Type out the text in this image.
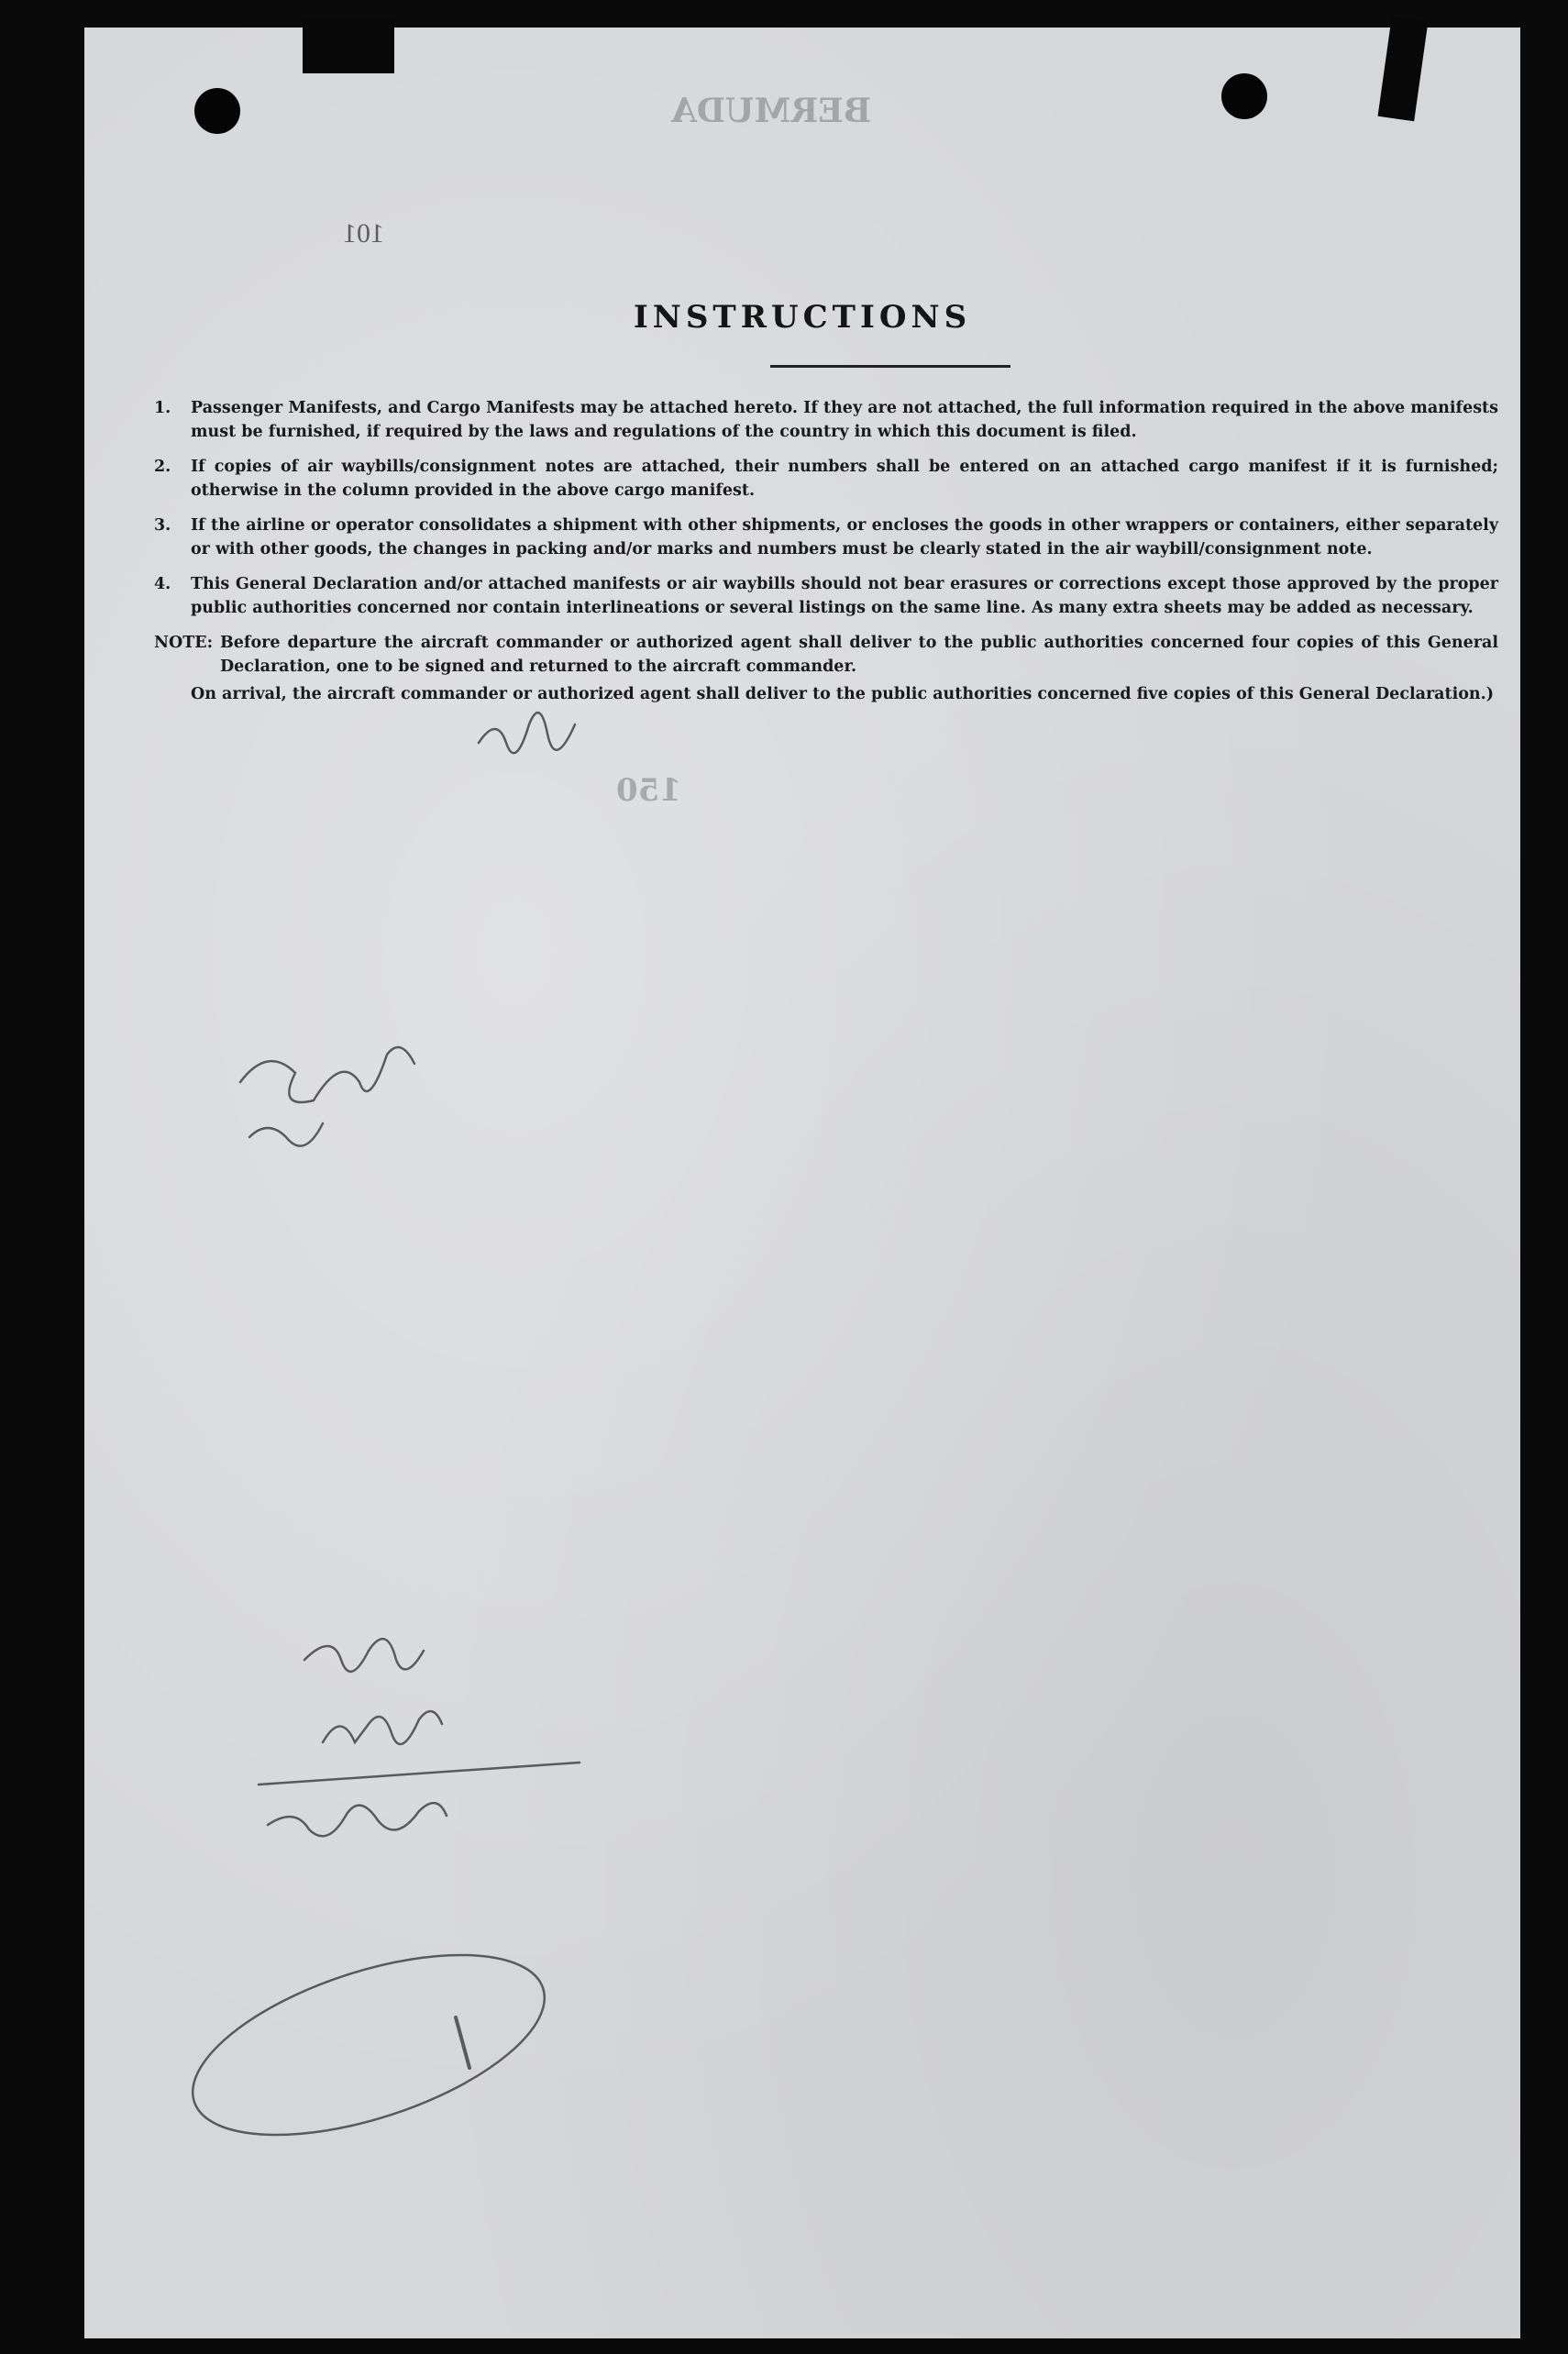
BERMUDA
150
101
INSTRUCTIONS
1.	Passenger Manifests, and Cargo Manifests may be attached hereto. If they are not attached, the full information required in the above manifests must be furnished, if required by the laws and regulations of the country in which this document is filed.
2.	If copies of air waybills/consignment notes are attached, their numbers shall be entered on an attached cargo manifest if it is furnished; otherwise in the column provided in the above cargo manifest.
3.	If the airline or operator consolidates a shipment with other shipments, or encloses the goods in other wrappers or containers, either separately or with other goods, the changes in packing and/or marks and numbers must be clearly stated in the air waybill/consignment note.
4.	This General Declaration and/or attached manifests or air waybills should not bear erasures or corrections except those approved by the proper public authorities concerned nor contain interlineations or several listings on the same line. As many extra sheets may be added as necessary.
NOTE: Before departure the aircraft commander or authorized agent shall deliver to the public authorities concerned four copies of this General Declaration, one to be signed and returned to the aircraft commander.

On arrival, the aircraft commander or authorized agent shall deliver to the public authorities concerned five copies of this General Declaration.)
